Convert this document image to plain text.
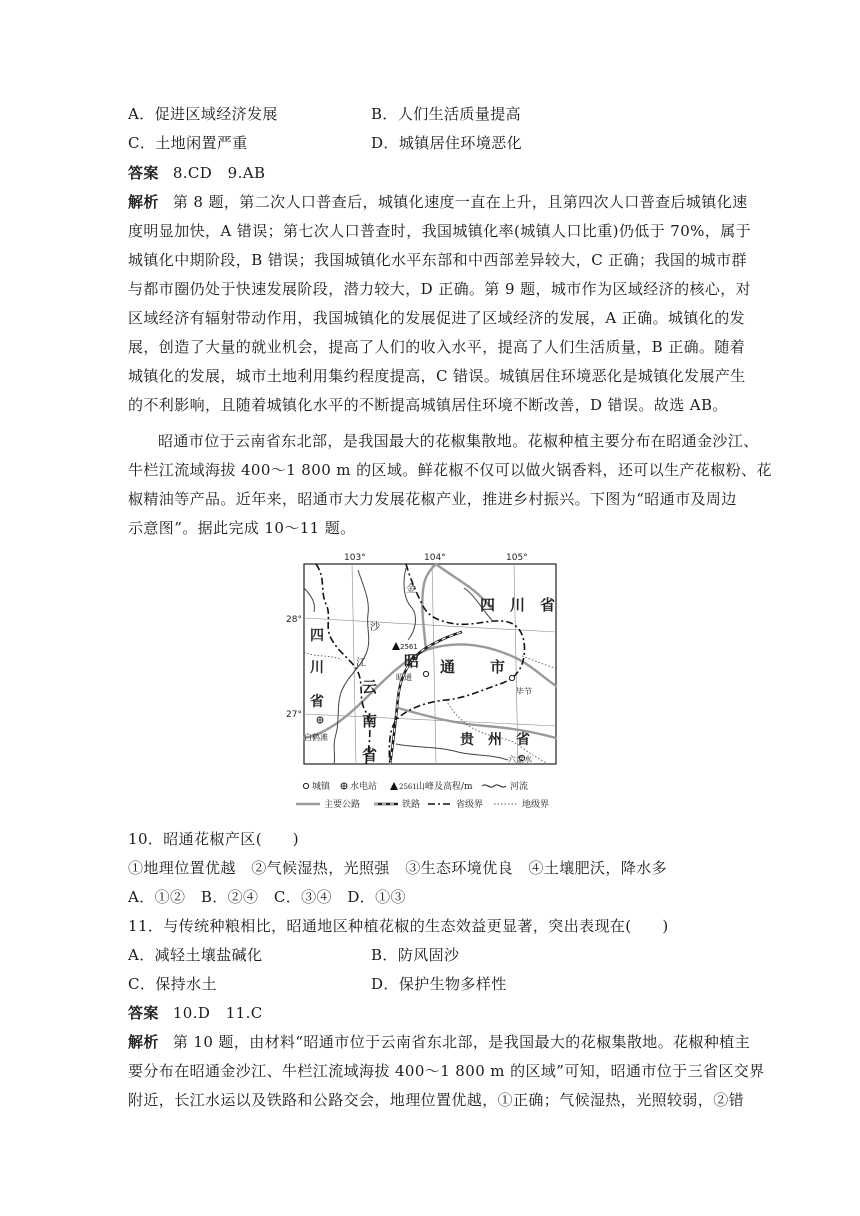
A．促进区域经济发展	B．人们生活质量提高
C．土地闲置严重	D．城镇居住环境恶化
答案 8.CD　9.AB
解析 第 8 题，第二次人口普查后，城镇化速度一直在上升，且第四次人口普查后城镇化速
度明显加快，A 错误；第七次人口普查时，我国城镇化率(城镇人口比重)仍低于 70%，属于
城镇化中期阶段，B 错误；我国城镇化水平东部和中西部差异较大，C 正确；我国的城市群
与都市圈仍处于快速发展阶段，潜力较大，D 正确。第 9 题，城市作为区域经济的核心，对
区域经济有辐射带动作用，我国城镇化的发展促进了区域经济的发展，A 正确。城镇化的发
展，创造了大量的就业机会，提高了人们的收入水平，提高了人们生活质量，B 正确。随着
城镇化的发展，城市土地利用集约程度提高，C 错误。城镇居住环境恶化是城镇化发展产生
的不利影响，且随着城镇化水平的不断提高城镇居住环境不断改善，D 错误。故选 AB。
昭通市位于云南省东北部，是我国最大的花椒集散地。花椒种植主要分布在昭通金沙江、
牛栏江流域海拔 400～1 800 m 的区域。鲜花椒不仅可以做火锅香料，还可以生产花椒粉、花
椒精油等产品。近年来，昭通市大力发展花椒产业，推进乡村振兴。下图为“昭通市及周边
示意图”。据此完成 10～11 题。
103°	104°	105°
28°
27°
2561
金
沙
江
四　川　省
四
川
省
昭 通 市
云
南
省
贵　州　省
昭通
毕节
白鹤滩
六盘水
城镇 水电站	2561 山峰及高程/m	河流
主要公路	铁路	省级界	地级界
10．昭通花椒产区(　　)
①地理位置优越　②气候湿热，光照强　③生态环境优良　④土壤肥沃，降水多
A．①②　B．②④　C．③④　D．①③
11．与传统种粮相比，昭通地区种植花椒的生态效益更显著，突出表现在(　　)
A．减轻土壤盐碱化	B．防风固沙
C．保持水土	D．保护生物多样性
答案 10.D　11.C
解析 第 10 题，由材料“昭通市位于云南省东北部，是我国最大的花椒集散地。花椒种植主
要分布在昭通金沙江、牛栏江流域海拔 400～1 800 m 的区域”可知，昭通市位于三省区交界
附近，长江水运以及铁路和公路交会，地理位置优越，①正确；气候湿热，光照较弱，②错
